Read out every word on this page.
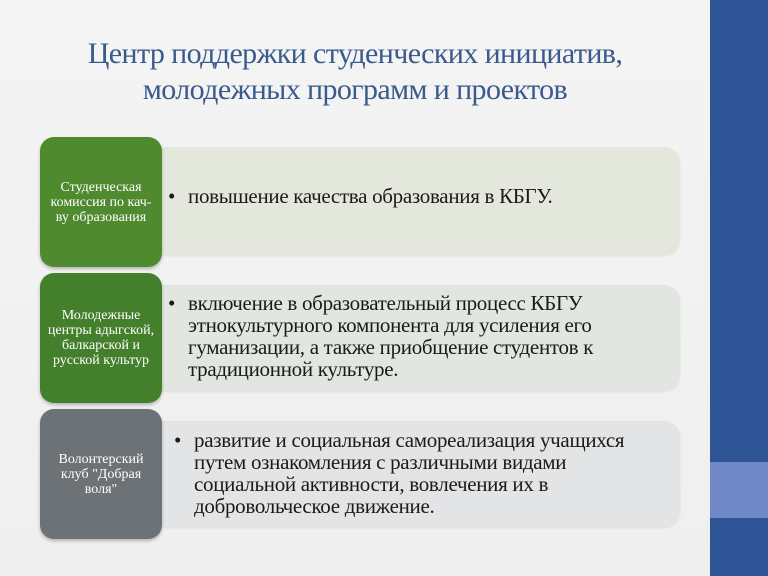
Центр поддержки студенческих инициатив,
молодежных программ и проектов
Студенческая комиссия по кач-ву образования
• повышение качества образования в КБГУ.
Молодежные центры адыгской, балкарской и русской культур
• включение в образовательный процесс КБГУ этнокультурного компонента для усиления его гуманизации, а также приобщение студентов к традиционной культуре.
Волонтерский клуб "Добрая воля"
• развитие и социальная самореализация учащихся путем ознакомления с различными видами социальной активности, вовлечения их в добровольческое движение.
